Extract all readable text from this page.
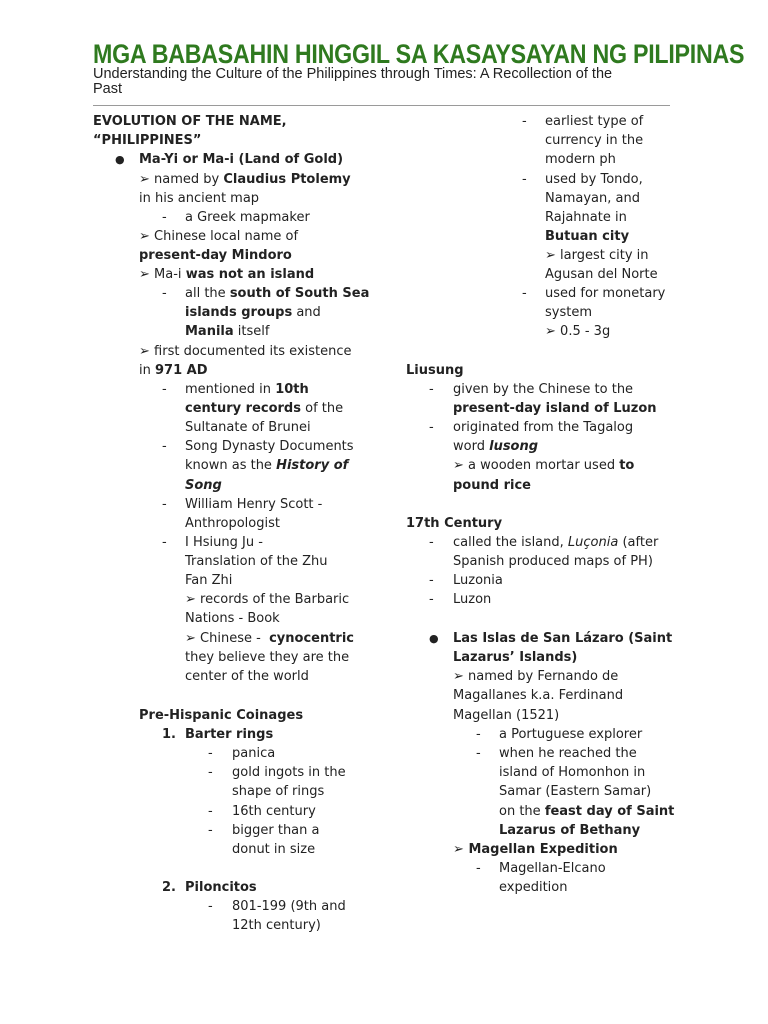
MGA BABASAHIN HINGGIL SA KASAYSAYAN NG PILIPINAS
Understanding the Culture of the Philippines through Times: A Recollection of the
Past
EVOLUTION OF THE NAME,
“PHILIPPINES”
● Ma-Yi or Ma-i (Land of Gold)
➢ named by Claudius Ptolemy
in his ancient map
- a Greek mapmaker
➢ Chinese local name of
present-day Mindoro
➢ Ma-i was not an island
- all the south of South Sea
islands groups and
Manila itself
➢ first documented its existence
in 971 AD
- mentioned in 10th
century records of the
Sultanate of Brunei
- Song Dynasty Documents
known as the History of
Song
- William Henry Scott -
Anthropologist
- I Hsiung Ju -
Translation of the Zhu
Fan Zhi
➢ records of the Barbaric
Nations - Book
➢ Chinese - cynocentric
they believe they are the
center of the world
Pre-Hispanic Coinages
1. Barter rings
- panica
- gold ingots in the
shape of rings
- 16th century
- bigger than a
donut in size
2. Piloncitos
- 801-199 (9th and
12th century)
- earliest type of
currency in the
modern ph
- used by Tondo,
Namayan, and
Rajahnate in
Butuan city
➢ largest city in
Agusan del Norte
- used for monetary
system
➢ 0.5 - 3g
Liusung
- given by the Chinese to the
present-day island of Luzon
- originated from the Tagalog
word lusong
➢ a wooden mortar used to
pound rice
17th Century
- called the island, Luçonia (after
Spanish produced maps of PH)
- Luzonia
- Luzon
● Las Islas de San Lázaro (Saint
Lazarus’ Islands)
➢ named by Fernando de
Magallanes k.a. Ferdinand
Magellan (1521)
- a Portuguese explorer
- when he reached the
island of Homonhon in
Samar (Eastern Samar)
on the feast day of Saint
Lazarus of Bethany
➢ Magellan Expedition
- Magellan-Elcano
expedition
